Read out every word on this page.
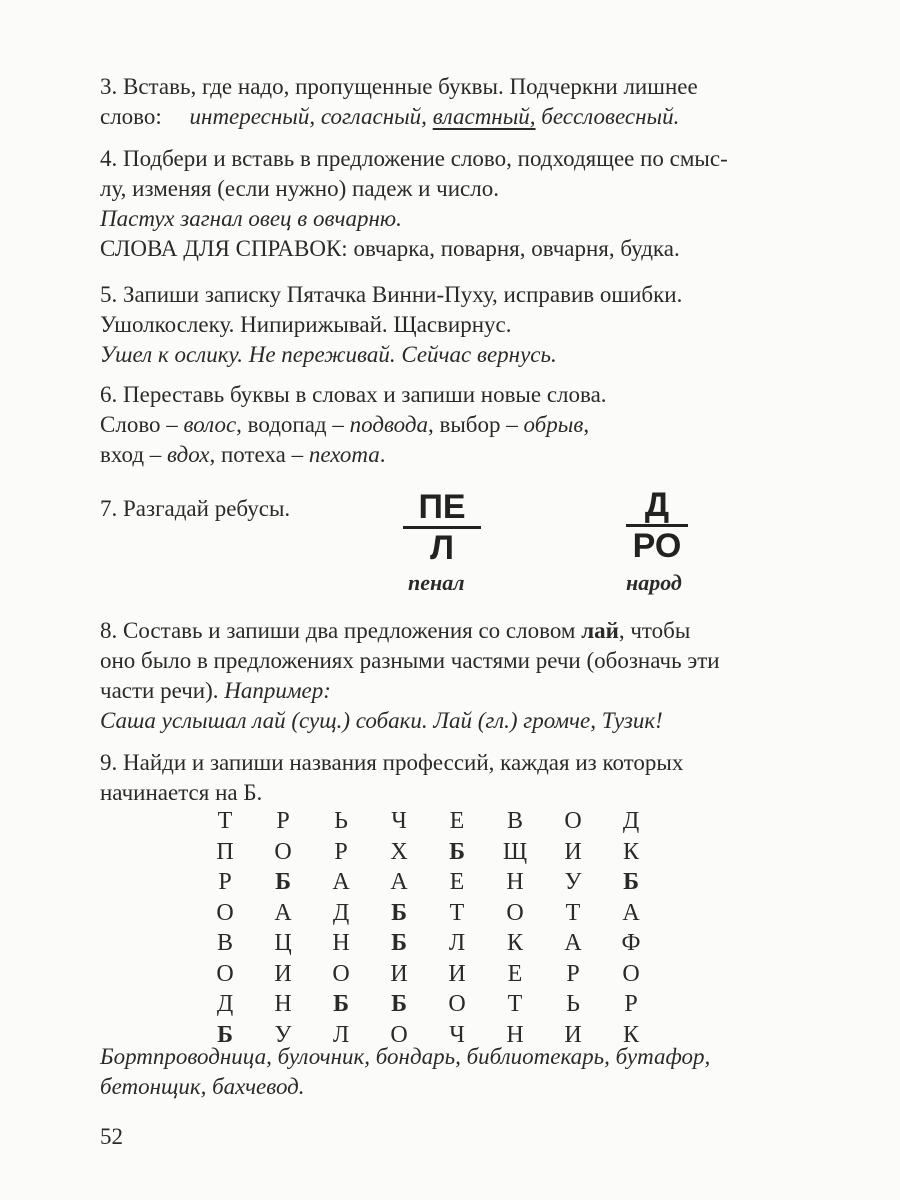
3. Вставь, где надо, пропущенные буквы. Подчеркни лишнее
слово: интересный, согласный, властный, бессловесный.
4. Подбери и вставь в предложение слово, подходящее по смыс-
лу, изменяя (если нужно) падеж и число.
Пастух загнал овец в овчарню.
СЛОВА ДЛЯ СПРАВОК: овчарка, поварня, овчарня, будка.
5. Запиши записку Пятачка Винни-Пуху, исправив ошибки.
Ушолкослеку. Нипирижывай. Щасвирнус.
Ушел к ослику. Не переживай. Сейчас вернусь.
6. Переставь буквы в словах и запиши новые слова.
Слово – волос, водопад – подвода, выбор – обрыв,
вход – вдох, потеха – пехота.
7. Разгадай ребусы.	ПЕ
Л
пенал
Д
РО
народ
8. Составь и запиши два предложения со словом лай, чтобы
оно было в предложениях разными частями речи (обозначь эти
части речи). Например:
Саша услышал лай (сущ.) собаки. Лай (гл.) громче, Тузик!
9. Найди и запиши названия профессий, каждая из которых
начинается на Б.
Т	Р	Ь	Ч	Е	В	О	Д
П	О	Р	Х	Б	Щ	И	К
Р	Б	А	А	Е	Н	У	Б
О	А	Д	Б	Т	О	Т	А
В	Ц	Н	Б	Л	К	А	Ф
О	И	О	И	И	Е	Р	О
Д	Н	Б	Б	О	Т	Ь	Р
Б	У	Л	О	Ч	Н	И	К
Бортпроводница, булочник, бондарь, библиотекарь, бутафор,
бетонщик, бахчевод.
52
